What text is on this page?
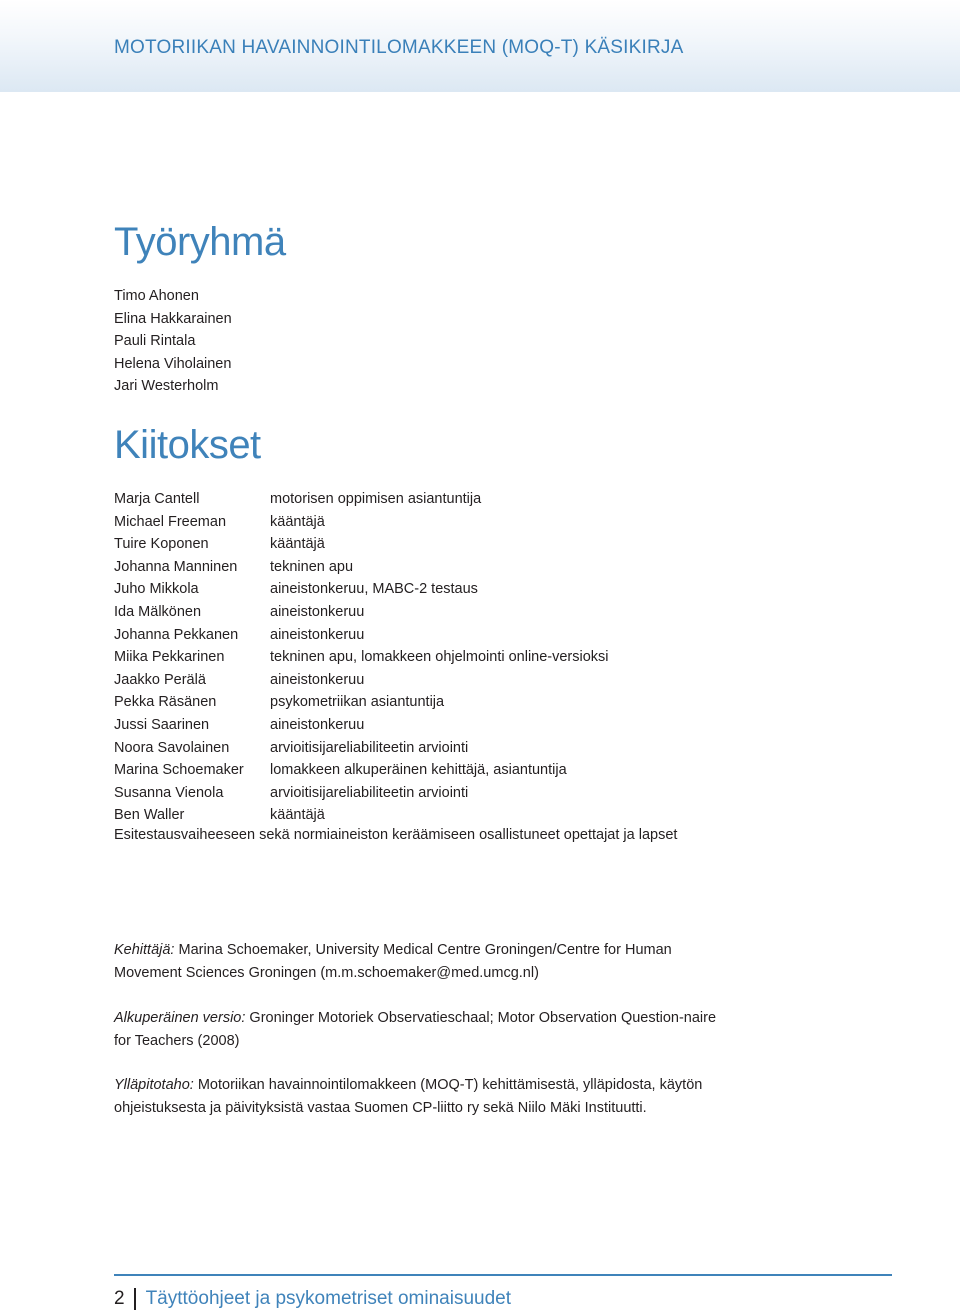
MOTORIIKAN HAVAINNOINTILOMAKKEEN (MOQ-T) KÄSIKIRJA
Työryhmä
Timo Ahonen
Elina Hakkarainen
Pauli Rintala
Helena Viholainen
Jari Westerholm
Kiitokset
Marja Cantell	motorisen oppimisen asiantuntija
Michael Freeman	kääntäjä
Tuire Koponen	kääntäjä
Johanna Manninen	tekninen apu
Juho Mikkola	aineistonkeruu, MABC-2 testaus
Ida Mälkönen	aineistonkeruu
Johanna Pekkanen	aineistonkeruu
Miika Pekkarinen	tekninen apu, lomakkeen ohjelmointi online-versioksi
Jaakko Perälä	aineistonkeruu
Pekka Räsänen	psykometriikan asiantuntija
Jussi Saarinen	aineistonkeruu
Noora Savolainen	arvioitisijareliabiliteetin arviointi
Marina Schoemaker	lomakkeen alkuperäinen kehittäjä, asiantuntija
Susanna Vienola	arvioitisijareliabiliteetin arviointi
Ben Waller	kääntäjä
Esitestausvaiheeseen sekä normiaineiston keräämiseen osallistuneet opettajat ja lapset

Kehittäjä: Marina Schoemaker, University Medical Centre Groningen/Centre for Human Movement Sciences Groningen (m.m.schoemaker@med.umcg.nl)

Alkuperäinen versio: Groninger Motoriek Observatieschaal; Motor Observation Question-naire for Teachers (2008)

Ylläpitotaho: Motoriikan havainnointilomakkeen (MOQ-T) kehittämisestä, ylläpidosta, käytön ohjeistuksesta ja päivityksistä vastaa Suomen CP-liitto ry sekä Niilo Mäki Instituutti.

2 Täyttöohjeet ja psykometriset ominaisuudet
